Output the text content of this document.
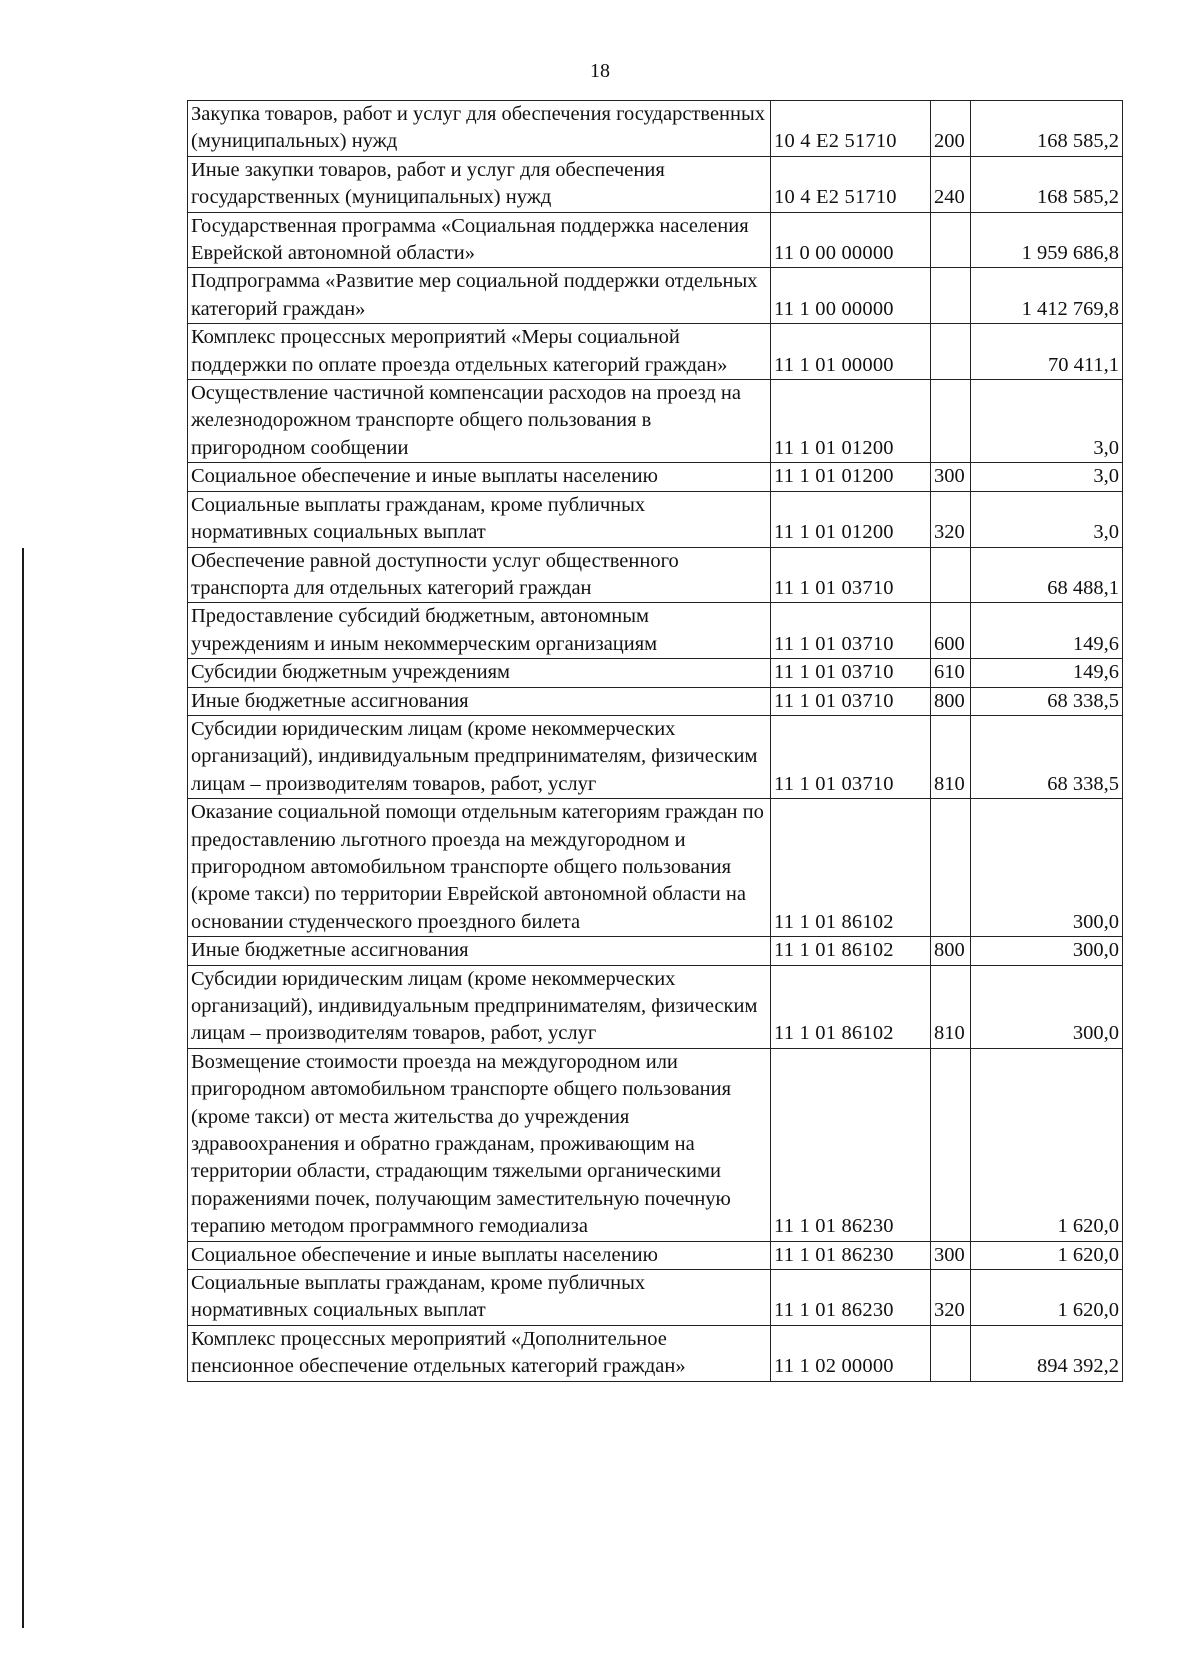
18
Закупка товаров, работ и услуг для обеспечения государственных (муниципальных) нужд	10 4 E2 51710	200	168 585,2
Иные закупки товаров, работ и услуг для обеспечения государственных (муниципальных) нужд	10 4 E2 51710	240	168 585,2
Государственная программа «Социальная поддержка населения Еврейской автономной области»	11 0 00 00000		1 959 686,8
Подпрограмма «Развитие мер социальной поддержки отдельных категорий граждан»	11 1 00 00000		1 412 769,8
Комплекс процессных мероприятий «Меры социальной поддержки по оплате проезда отдельных категорий граждан»	11 1 01 00000		70 411,1
Осуществление частичной компенсации расходов на проезд на железнодорожном транспорте общего пользования в пригородном сообщении	11 1 01 01200		3,0
Социальное обеспечение и иные выплаты населению	11 1 01 01200	300	3,0
Социальные выплаты гражданам, кроме публичных нормативных социальных выплат	11 1 01 01200	320	3,0
Обеспечение равной доступности услуг общественного транспорта для отдельных категорий граждан	11 1 01 03710		68 488,1
Предоставление субсидий бюджетным, автономным учреждениям и иным некоммерческим организациям	11 1 01 03710	600	149,6
Субсидии бюджетным учреждениям	11 1 01 03710	610	149,6
Иные бюджетные ассигнования	11 1 01 03710	800	68 338,5
Субсидии юридическим лицам (кроме некоммерческих организаций), индивидуальным предпринимателям, физическим лицам – производителям товаров, работ, услуг	11 1 01 03710	810	68 338,5
Оказание социальной помощи отдельным категориям граждан по предоставлению льготного проезда на междугородном и пригородном автомобильном транспорте общего пользования (кроме такси) по территории Еврейской автономной области на основании студенческого проездного билета	11 1 01 86102		300,0
Иные бюджетные ассигнования	11 1 01 86102	800	300,0
Субсидии юридическим лицам (кроме некоммерческих организаций), индивидуальным предпринимателям, физическим лицам – производителям товаров, работ, услуг	11 1 01 86102	810	300,0
Возмещение стоимости проезда на междугородном или пригородном автомобильном транспорте общего пользования (кроме такси) от места жительства до учреждения здравоохранения и обратно гражданам, проживающим на территории области, страдающим тяжелыми органическими поражениями почек, получающим заместительную почечную терапию методом программного гемодиализа	11 1 01 86230		1 620,0
Социальное обеспечение и иные выплаты населению	11 1 01 86230	300	1 620,0
Социальные выплаты гражданам, кроме публичных нормативных социальных выплат	11 1 01 86230	320	1 620,0
Комплекс процессных мероприятий «Дополнительное пенсионное обеспечение отдельных категорий граждан»	11 1 02 00000		894 392,2
